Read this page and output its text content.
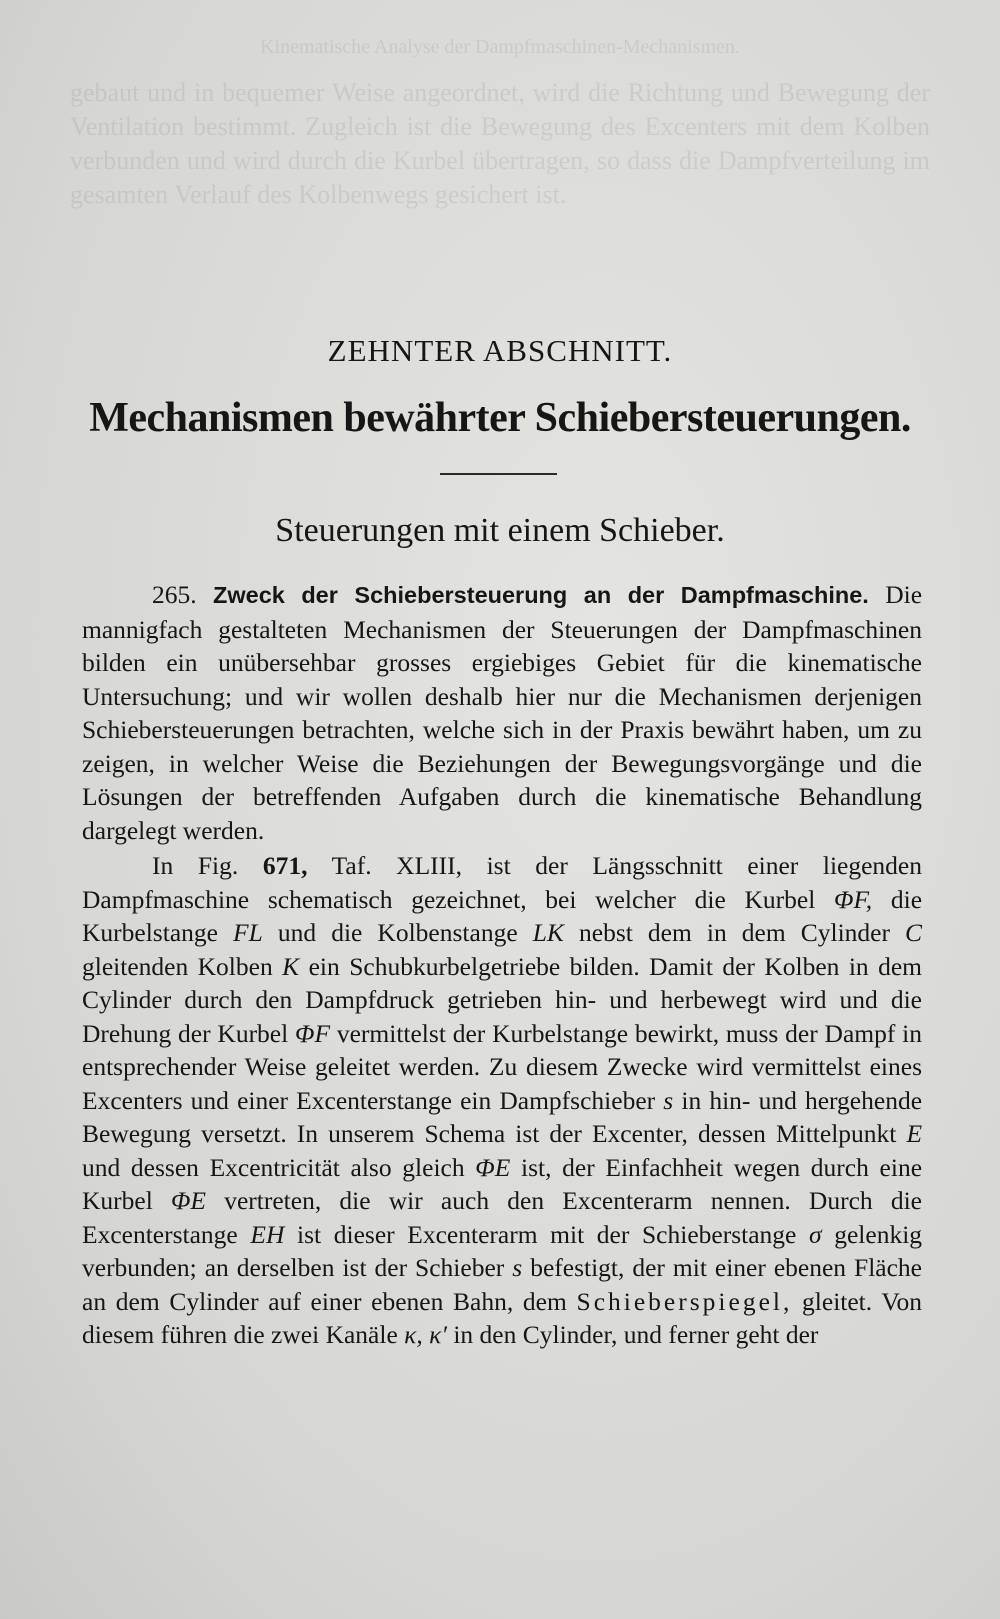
Kinematische Analyse der Dampfmaschinen-Mechanismen.
gebaut und in bequemer Weise angeordnet, wird die Richtung und Bewegung der Ventilation bestimmt. Zugleich ist die Bewegung des Excenters mit dem Kolben verbunden und wird durch die Kurbel übertragen, so dass die Dampfverteilung im gesamten Verlauf des Kolbenwegs gesichert ist.
ZEHNTER ABSCHNITT.
Mechanismen bewährter Schiebersteuerungen.
Steuerungen mit einem Schieber.

265. Zweck der Schiebersteuerung an der Dampfmaschine. Die mannigfach gestalteten Mechanismen der Steuerungen der Dampfmaschinen bilden ein unübersehbar grosses ergiebiges Gebiet für die kinematische Untersuchung; und wir wollen deshalb hier nur die Mechanismen derjenigen Schiebersteuerungen betrachten, welche sich in der Praxis bewährt haben, um zu zeigen, in welcher Weise die Beziehungen der Bewegungsvorgänge und die Lösungen der betreffenden Aufgaben durch die kinematische Behandlung dargelegt werden.

In Fig. 671, Taf. XLIII, ist der Längsschnitt einer liegenden Dampfmaschine schematisch gezeichnet, bei welcher die Kurbel ΦF, die Kurbelstange FL und die Kolbenstange LK nebst dem in dem Cylinder C gleitenden Kolben K ein Schubkurbelgetriebe bilden. Damit der Kolben in dem Cylinder durch den Dampfdruck getrieben hin- und herbewegt wird und die Drehung der Kurbel ΦF vermittelst der Kurbelstange bewirkt, muss der Dampf in entsprechender Weise geleitet werden. Zu diesem Zwecke wird vermittelst eines Excenters und einer Excenterstange ein Dampfschieber s in hin- und hergehende Bewegung versetzt. In unserem Schema ist der Excenter, dessen Mittelpunkt E und dessen Excentricität also gleich ΦE ist, der Einfachheit wegen durch eine Kurbel ΦE vertreten, die wir auch den Excenterarm nennen. Durch die Excenterstange EH ist dieser Excenterarm mit der Schieberstange σ gelenkig verbunden; an derselben ist der Schieber s befestigt, der mit einer ebenen Fläche an dem Cylinder auf einer ebenen Bahn, dem Schieberspiegel, gleitet. Von diesem führen die zwei Kanäle κ, κ′ in den Cylinder, und ferner geht der
